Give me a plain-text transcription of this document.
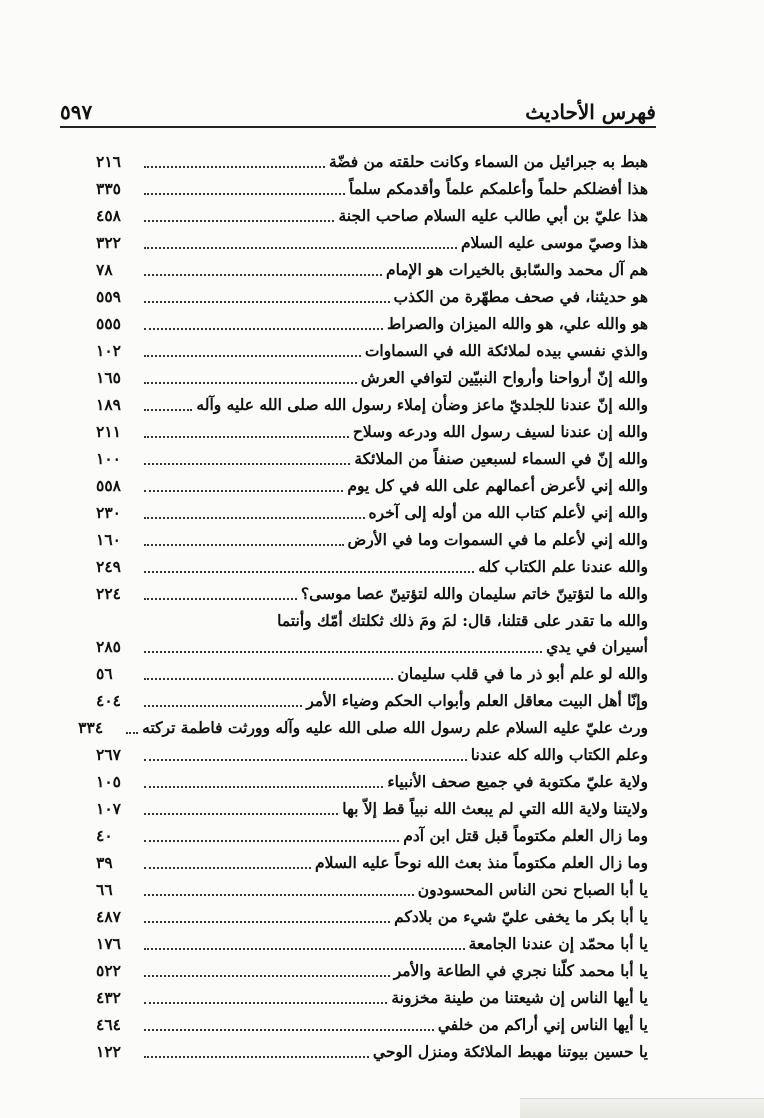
فهرس الأحاديث
٥٩٧
هبط به جبرائيل من السماء وكانت حلقته من فضّة
٢١٦
هذا أفضلكم حلماً وأعلمكم علماً وأقدمكم سلماً
٣٣٥
هذا عليّ بن أبي طالب عليه السلام صاحب الجنة
٤٥٨
هذا وصيّ موسى عليه السلام
٣٢٢
هم آل محمد والسّابق بالخيرات هو الإمام
٧٨
هو حديثنا، في صحف مطهّرة من الكذب
٥٥٩
هو والله علي، هو والله الميزان والصراط
٥٥٥
والذي نفسي بيده لملائكة الله في السماوات
١٠٢
والله إنّ أرواحنا وأرواح النبيّين لتوافي العرش
١٦٥
والله إنّ عندنا للجلديّ ماعز وضأن إملاء رسول الله صلى الله عليه وآله
١٨٩
والله إن عندنا لسيف رسول الله ودرعه وسلاح
٢١١
والله إنّ في السماء لسبعين صنفاً من الملائكة
١٠٠
والله إني لأعرض أعمالهم على الله في كل يوم
٥٥٨
والله إني لأعلم كتاب الله من أوله إلى آخره
٢٣٠
والله إني لأعلم ما في السموات وما في الأرض
١٦٠
والله عندنا علم الكتاب كله
٢٤٩
والله ما لتؤتينّ خاتم سليمان والله لتؤتينّ عصا موسى؟
٢٢٤
والله ما تقدر على قتلنا، قال: لمَ ومَ ذلك ثكلتك أمّك وأنتما
أسيران في يدي
٢٨٥
والله لو علم أبو ذر ما في قلب سليمان
٥٦
وإنّا أهل البيت معاقل العلم وأبواب الحكم وضياء الأمر
٤٠٤
ورث عليّ عليه السلام علم رسول الله صلى الله عليه وآله وورثت فاطمة تركته
٣٣٤
وعلم الكتاب والله كله عندنا
٢٦٧
ولاية عليّ مكتوبة في جميع صحف الأنبياء
١٠٥
ولايتنا ولاية الله التي لم يبعث الله نبياً قط إلاّ بها
١٠٧
وما زال العلم مكتوماً قبل قتل ابن آدم
٤٠
وما زال العلم مكتوماً منذ بعث الله نوحاً عليه السلام
٣٩
يا أبا الصباح نحن الناس المحسودون
٦٦
يا أبا بكر ما يخفى عليّ شيء من بلادكم
٤٨٧
يا أبا محمّد إن عندنا الجامعة
١٧٦
يا أبا محمد كلّنا نجري في الطاعة والأمر
٥٢٢
يا أيها الناس إن شيعتنا من طينة مخزونة
٤٣٢
يا أيها الناس إني أراكم من خلفي
٤٦٤
يا حسين بيوتنا مهبط الملائكة ومنزل الوحي
١٢٢
